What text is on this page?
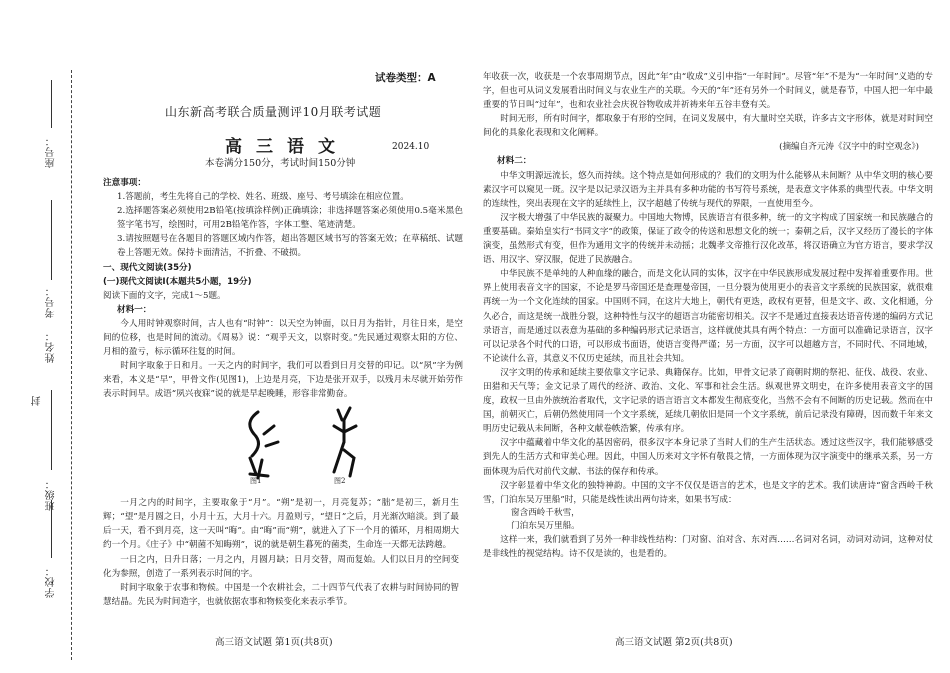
座号：
考号：
班级：
封
姓名：
学校：
试卷类型：A
山东新高考联合质量测评10月联考试题
高三语文	2024.10
本卷满分150分，考试时间150分钟

注意事项：

1.答题前，考生先将自己的学校、姓名、班级、座号、考号填涂在相应位置。

2.选择题答案必须使用2B铅笔(按填涂样例)正确填涂；非选择题答案必须使用0.5毫米黑色签字笔书写，绘图时，可用2B铅笔作答，字体工整、笔迹清楚。

3.请按照题号在各题目的答题区域内作答，超出答题区域书写的答案无效；在草稿纸、试题卷上答题无效。保持卡面清洁，不折叠、不破损。

一、现代文阅读(35分)

(一)现代文阅读Ⅰ(本题共5小题，19分)

阅读下面的文字，完成1～5题。

材料一：

今人用时钟观察时间，古人也有“时钟”：以天空为钟面，以日月为指针，月往日来，是空间的位移，也是时间的流动。《周易》说：“观乎天文，以察时变。”先民通过观察太阳的方位、月相的盈亏，标示循环往复的时间。

时间字取象于日和月。一天之内的时间字，我们可以看到日月交替的印记。以“夙”字为例来看，本义是“早”，甲骨文作(见图1)，上边是月亮，下边是张开双手，以残月未尽就开始劳作表示时间早。成语“夙兴夜寐”说的就是早起晚睡，形容非常勤奋。

图1	图2

一月之内的时间字，主要取象于“月”。“朔”是初一，月亮复苏；“朏”是初三，新月生辉；“望”是月圆之日，小月十五，大月十六。月盈则亏，“望日”之后，月光渐次暗淡。到了最后一天，看不到月亮，这一天叫“晦”。由“晦”而“朔”，就进入了下一个月的循环，月相周期大约一个月。《庄子》中“朝菌不知晦朔”，说的就是朝生暮死的菌类，生命连一天都无法跨越。

一日之内，日升日落；一月之内，月圆月缺；日月交替，周而复始。人们以日月的空间变化为参照，创造了一系列表示时间的字。

时间字取象于农事和物候。中国是一个农耕社会，二十四节气代表了农耕与时间协同的智慧结晶。先民为时间造字，也就依据农事和物候变化来表示季节。

高三语文试题 第1页(共8页)

年收获一次，收获是一个农事周期节点，因此“年”由“收成”义引申指“一年时间”。尽管“年”不是为“一年时间”义造的专字，但也可从词义发展看出时间义与农业生产的关联。今天的“年”还有另外一个时间义，就是春节，中国人把一年中最重要的节日叫“过年”，也和农业社会庆祝谷物收成并祈祷来年五谷丰登有关。

时间无形，所有时间字，都取象于有形的空间，在词义发展中，有大量时空关联，许多古文字形体，就是对时间空间化的具象化表现和文化阐释。

(摘编自齐元涛《汉字中的时空观念》)

材料二：

中华文明源远流长，悠久而持续。这个特点是如何形成的？我们的文明为什么能够从未间断？从中华文明的核心要素汉字可以窥见一斑。汉字是以记录汉语为主并具有多种功能的书写符号系统，是表意文字体系的典型代表。中华文明的连续性，突出表现在文字的延续性上，汉字超越了传统与现代的界限，一直使用至今。

汉字极大增强了中华民族的凝聚力。中国地大物博，民族语言有很多种，统一的文字构成了国家统一和民族融合的重要基础。秦始皇实行“书同文字”的政策，保证了政令的传送和思想文化的统一；秦朝之后，汉字又经历了漫长的字体演变，虽然形式有变，但作为通用文字的传统并未动摇；北魏孝文帝推行汉化改革，将汉语确立为官方语言，要求学汉语、用汉字、穿汉服，促进了民族融合。

中华民族不是单纯的人种血缘的融合，而是文化认同的实体，汉字在中华民族形成发展过程中发挥着重要作用。世界上使用表音文字的国家，不论是罗马帝国还是查理曼帝国，一旦分裂为使用更小的表音文字系统的民族国家，就很难再统一为一个文化连续的国家。中国则不同，在这片大地上，朝代有更迭，政权有更替，但是文字、政、文化相通，分久必合，而这是统一战胜分裂，这种特性与汉字的超语言功能密切相关。汉字不是通过直接表达语音传递的编码方式记录语言，而是通过以表意为基础的多种编码形式记录语言，这样就使其具有两个特点：一方面可以准确记录语言，汉字可以记录各个时代的口语，可以形成书面语，使语言变得严谨；另一方面，汉字可以超越方言，不同时代、不同地域，不论读什么音，其意义不仅历史延续，而且社会共知。

汉字文明的传承和延续主要依靠文字记录、典籍保存。比如，甲骨文记录了商朝时期的祭祀、征伐、战役、农业、田猎和天气等；金文记录了周代的经济、政治、文化、军事和社会生活。纵观世界文明史，在许多使用表音文字的国度，政权一旦由外族统治者取代，文字记录的语言语言文本都发生彻底变化，当然不会有不间断的历史记载。然而在中国，前朝灭亡，后朝仍然使用同一个文字系统，延续几朝依旧是同一个文字系统，前后记录没有障碍，因而数千年来文明历史记载从未间断，各种文献卷帙浩繁，传承有序。

汉字中蕴藏着中华文化的基因密码，很多汉字本身记录了当时人们的生产生活状态。透过这些汉字，我们能够感受到先人的生活方式和审美心理。因此，中国人历来对文字怀有敬畏之情，一方面体现为汉字演变中的继承关系，另一方面体现为后代对前代文献、书法的保存和传承。

汉字彰显着中华文化的独特神韵。中国的文字不仅仅是语言的艺术，也是文字的艺术。我们读唐诗“窗含西岭千秋雪，门泊东吴万里船”时，只能是线性读出两句诗来，如果书写成：

窗含西岭千秋雪，

门泊东吴万里船。

这样一来，我们就看到了另外一种非线性结构：门对窗、泊对含、东对西……名词对名词，动词对动词，这种对仗是非线性的视觉结构。诗不仅是读的，也是看的。

高三语文试题 第2页(共8页)
